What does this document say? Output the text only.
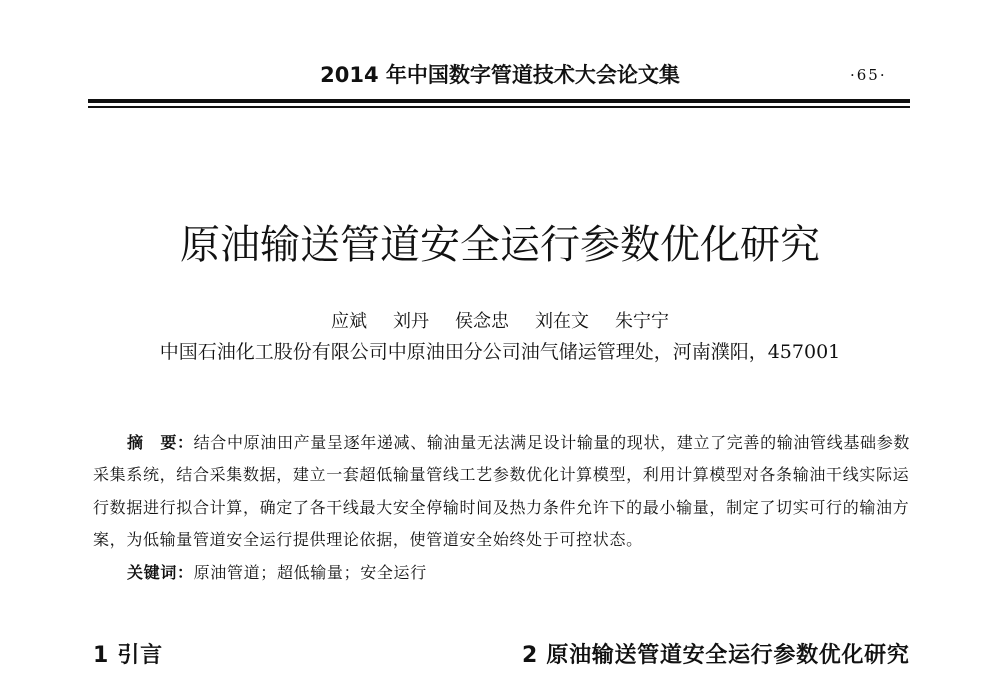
2014 年中国数字管道技术大会论文集	·65·
原油输送管道安全运行参数优化研究
应斌 刘丹 侯念忠 刘在文 朱宁宁
中国石油化工股份有限公司中原油田分公司油气储运管理处，河南濮阳，457001
摘　要：结合中原油田产量呈逐年递减、输油量无法满足设计输量的现状，建立了完善的输油管线基础参数
采集系统，结合采集数据，建立一套超低输量管线工艺参数优化计算模型，利用计算模型对各条输油干线实际运
行数据进行拟合计算，确定了各干线最大安全停输时间及热力条件允许下的最小输量，制定了切实可行的输油方
案，为低输量管道安全运行提供理论依据，使管道安全始终处于可控状态。
关键词：原油管道；超低输量；安全运行
1 引言	2 原油输送管道安全运行参数优化研究
